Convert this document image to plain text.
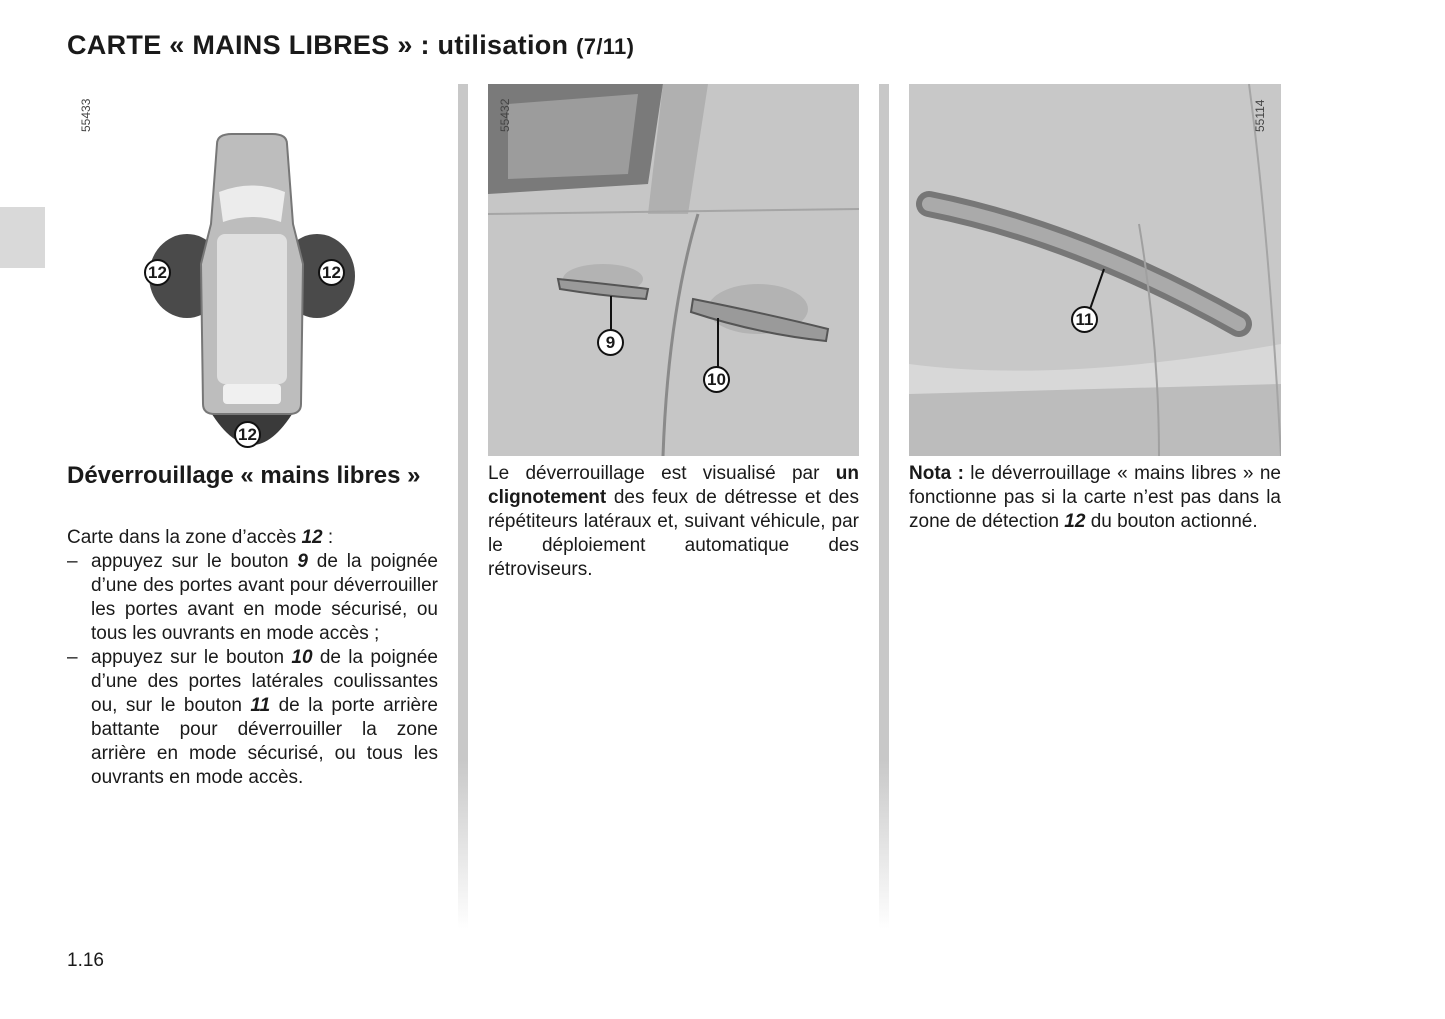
CARTE « MAINS LIBRES » : utilisation (7/11)
12	12
12
55433
9
10
55432
11
55114
Déverrouillage « mains libres »
Carte dans la zone d’accès 12 :
– appuyez sur le bouton 9 de la poignée d’une des portes avant pour déverrouiller les portes avant en mode sécurisé, ou tous les ouvrants en mode accès ;
– appuyez sur le bouton 10 de la poignée d’une des portes latérales coulissantes ou, sur le bouton 11 de la porte arrière battante pour déverrouiller la zone arrière en mode sécurisé, ou tous les ouvrants en mode accès.
Le déverrouillage est visualisé par un clignotement des feux de détresse et des répétiteurs latéraux et, suivant véhicule, par le déploiement automatique des rétroviseurs.
Nota : le déverrouillage « mains libres » ne fonctionne pas si la carte n’est pas dans la zone de détection 12 du bouton actionné.
1.16
